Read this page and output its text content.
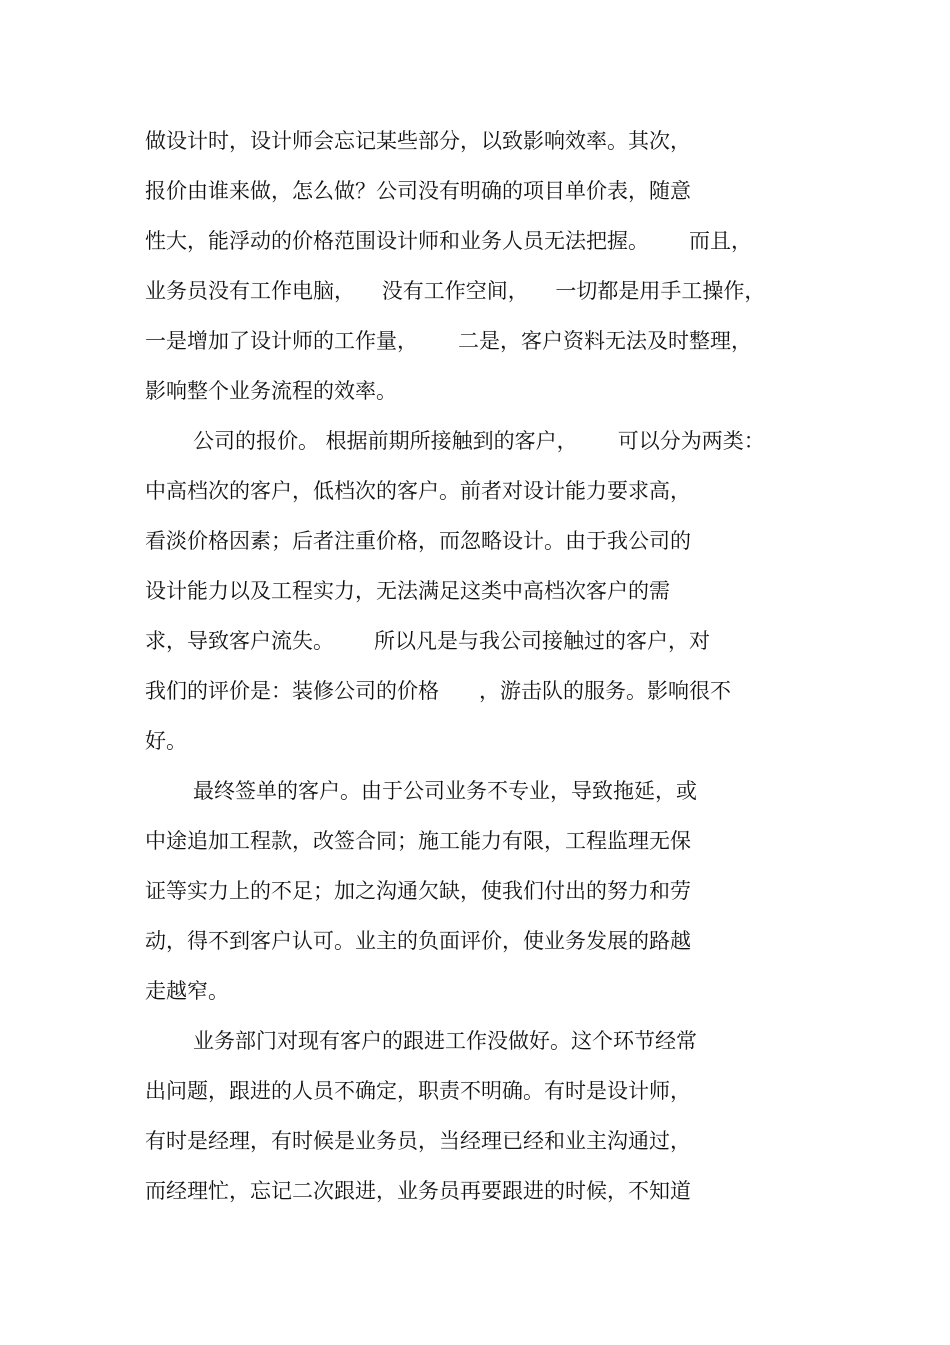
做设计时，设计师会忘记某些部分，以致影响效率。其次，
报价由谁来做，怎么做？公司没有明确的项目单价表，随意
性大，能浮动的价格范围设计师和业务人员无法把握。      而且，
业务员没有工作电脑，    没有工作空间，    一切都是用手工操作，
一是增加了设计师的工作量，      二是，客户资料无法及时整理，
影响整个业务流程的效率。
公司的报价。 根据前期所接触到的客户，      可以分为两类：
中高档次的客户，低档次的客户。前者对设计能力要求高，
看淡价格因素；后者注重价格，而忽略设计。由于我公司的
设计能力以及工程实力，无法满足这类中高档次客户的需
求，导致客户流失。      所以凡是与我公司接触过的客户，对
我们的评价是：装修公司的价格      ，游击队的服务。影响很不
好。
最终签单的客户。由于公司业务不专业，导致拖延，或
中途追加工程款，改签合同；施工能力有限，工程监理无保
证等实力上的不足；加之沟通欠缺，使我们付出的努力和劳
动，得不到客户认可。业主的负面评价，使业务发展的路越
走越窄。
业务部门对现有客户的跟进工作没做好。这个环节经常
出问题，跟进的人员不确定，职责不明确。有时是设计师，
有时是经理，有时候是业务员，当经理已经和业主沟通过，
而经理忙，忘记二次跟进，业务员再要跟进的时候，不知道
